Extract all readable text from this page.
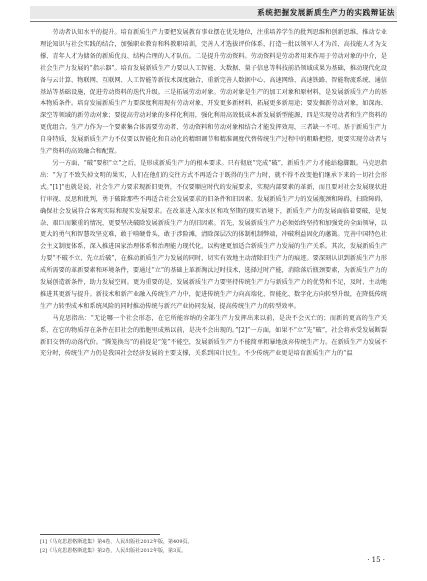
系统把握发展新质生产力的实践辩证法

劳动者认知水平的提升。培育新质生产力要把发展教育事业摆在优先地位，注重培养学生的批判思维和创新思维，推动专业理论知识与社会实践的结合，加强职业教育和科教职培训，完善人才选拔评价体系，打造一批以领军人才为首、高技能人才为支撑、青年人才为储备的新质优良、结构合理的人才队伍。二是提升劳动资料。劳动资料是劳动者用来作用于劳动对象的中介，是社会生产力发展的“指示器”。培育发展新质生产力要以人工智能、大数据、量子信息等科技前沿领域成果为基础，推动现代化设备与云计算、物联网、互联网、人工智能等新技术深度融合，重新完善人数据中心、高速网络、高速铁路、智能物流系统、通信基站等基础设施，促进劳动资料的迭代升级。三是拓展劳动对象。劳动对象是生产的加工对象和原材料，是发展新质生产力的基本物质条件。培育发展新质生产力要深度利用现有劳动对象，开发更多新材料，拓展更多新用途；要发掘新劳动对象，如深海、深空等领域的新劳动对象；要提高劳动对象的多样化利用，强化利用高效低成本新发展新型能源，四是实现劳动者和生产资料的更优组合。生产力作为一个要素集合体需要劳动者、劳动资料和劳动对象相结合才能发挥效用，三者缺一不可。基于新质生产力自身特质，发展新质生产力不仅要以智能化和自动化的精细调节和精准调度代替传统生产过程中的粗略把控，更要实现劳动者与生产资料的高效融合和配置。

另一方面，“破”要积“立”之后，是形成新质生产力的根本要求。只有彻底“完成”破”，新质生产力才能站稳脚跟。马克思指出：“为了不致失掉文明的果实，人们在他们的交往方式不再适合于既得的生产力时，就不得不改变他们继承下来的一切社会形式。”[1]“也就是说，社会生产力要求现新旧更替，不仅要顺应时代的发展要求，实现内部要素的革新，而且要对社会发展现状进行审视、反思和批判，勇于破除那些不再适合社会发展要求的旧条件和旧因素。发展新质生产力的发展瓶颈和障碍，扫除障碍，确保社会发展符合客观实际和现实发展要求。在改革进入深水区和攻坚期的现实语境下，新质生产力的发展面临着要破，是复杂、艰巨而繁重的情况，更要坚决破除发展新质生产力的旧因素。首先，发展新质生产力必须始终坚持和加强党的全面领导，以更大的勇气和智慧攻坚克难，敢于啃硬骨头，敢于涉险滩，清除深层次的体制机制弊端，冲破利益固化的藩篱。完善中国特色社会主义制度体系，深入推进国家治理体系和治理能力现代化，以构建更加适合新质生产力发展的生产关系。其次，发展新质生产力要“不破不立、先立后破”，在推动新质生产力发展的同时，切实有效地主动清除旧生产力的痕迹。要深刻认识到新质生产力形成所需要的革新要素和环境条件，要通过“立”的基础上革新淘汰过时技术，选择过时产能，消除落后瓶颈要素，为新质生产力的发展创造新条件，助力发展空间。更为重要的是，发展新质生产力要坚持传统生产力与新质生产力的优势和不足，及时、主动地推进其更新与提升。新技术和新产业融入传统生产力中，促进传统生产力向高端化、智能化、数字化方向转型升级，在降低传统生产力转型成本和系统风险的同时推动传统与新兴产业协同发展，提高传统生产力的转型效率。

马克思指出：“无论哪一个社会形态，在它所能容纳的全部生产力发挥出来以前，是决不会灭亡的；而新的更高的生产关系，在它的物质存在条件在旧社会的胎胞里成熟以前，是决不会出现的。”[2]“一方面，如果不“立”先“破”，社会将承受发展断裂新旧交替的动荡代价。“腾笼换鸟”的前提是“笼”不能空，发展新质生产力不能简单粗暴地放弃传统生产力。在新质生产力发展不充分时，传统生产力仍是我国社会经济发展的主要支撑，关系到国计民生。不少传统产业更是培育新质生产力的“温

[1]《马克思恩格斯选集》第4卷，人民出版社2012年版，第409页。
[2]《马克思恩格斯选集》第2卷，人民出版社2012年版，第3页。
· 15 ·
